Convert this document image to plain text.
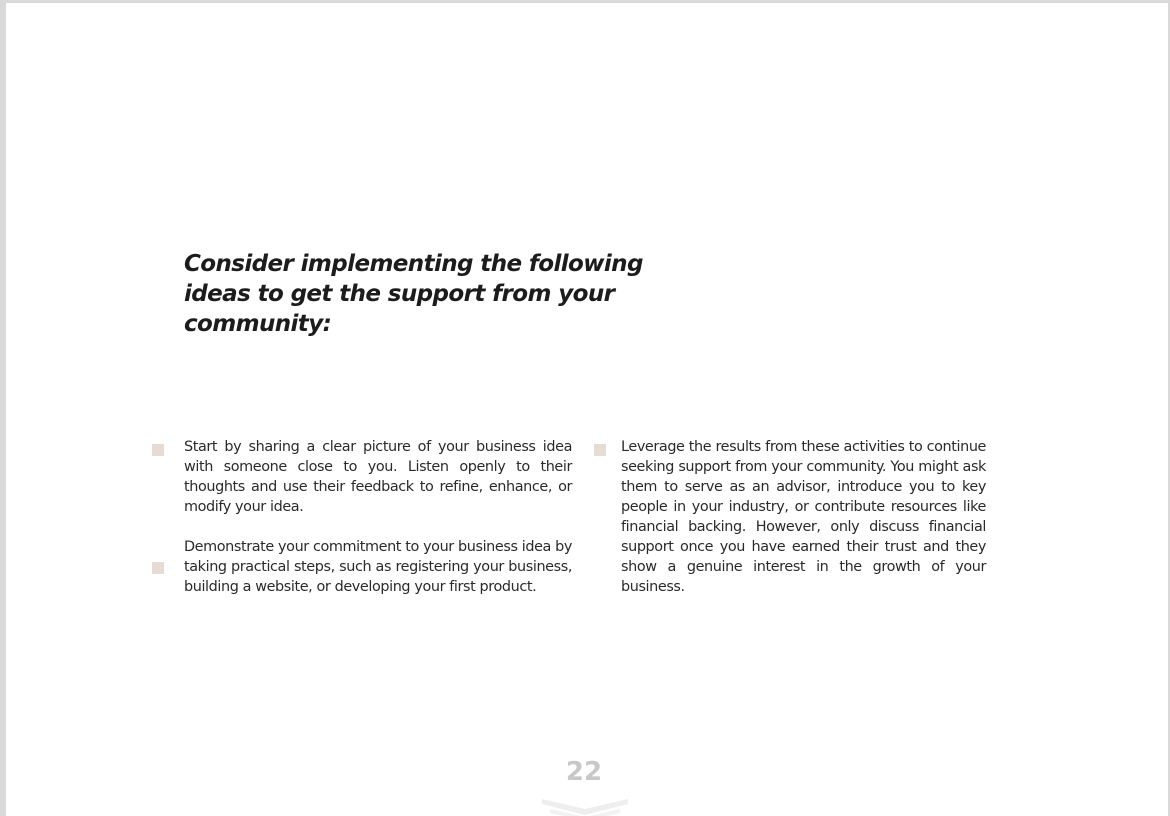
Consider implementing the following ideas to get the support from your community:

Start by sharing a clear picture of your business idea with someone close to you. Listen openly to their thoughts and use their feedback to refine, enhance, or modify your idea.

Demonstrate your commitment to your business idea by taking practical steps, such as registering your business, building a website, or developing your first product.

Leverage the results from these activities to continue seeking support from your community. You might ask them to serve as an advisor, introduce you to key people in your industry, or contribute resources like financial backing. However, only discuss financial support once you have earned their trust and they show a genuine interest in the growth of your business.

22
